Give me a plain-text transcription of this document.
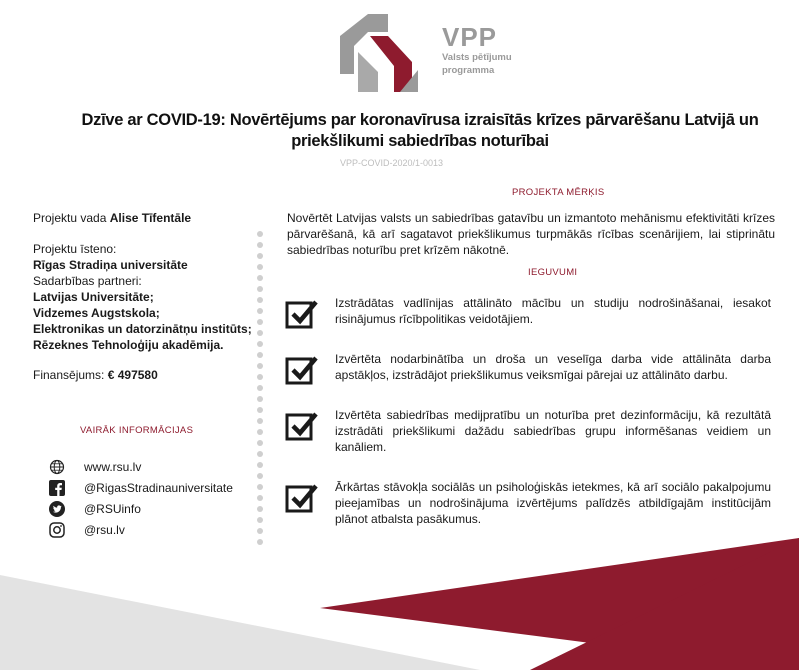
VPP
Valsts pētījumu
programma
Dzīve ar COVID-19: Novērtējums par koronavīrusa izraisītās krīzes pārvarēšanu Latvijā un
priekšlikumi sabiedrības noturībai
VPP-COVID-2020/1-0013
Projektu vada Alise Tīfentāle
Projektu īsteno:
Rīgas Stradiņa universitāte
Sadarbības partneri:
Latvijas Universitāte;
Vidzemes Augstskola;
Elektronikas un datorzinātņu institūts;
Rēzeknes Tehnoloģiju akadēmija.
Finansējums: € 497580
VAIRĀK INFORMĀCIJAS
www.rsu.lv
@RigasStradinauniversitate
@RSUinfo
@rsu.lv
PROJEKTA MĒRĶIS
Novērtēt Latvijas valsts un sabiedrības gatavību un izmantoto mehānismu efektivitāti krīzes pārvarēšanā, kā arī sagatavot priekšlikumus turpmākās rīcības scenārijiem, lai stiprinātu sabiedrības noturību pret krīzēm nākotnē.
IEGUVUMI
Izstrādātas vadlīnijas attālināto mācību un studiju nodrošināšanai, iesakot risinājumus rīcībpolitikas veidotājiem.
Izvērtēta nodarbinātība un droša un veselīga darba vide attālināta darba apstākļos, izstrādājot priekšlikumus veiksmīgai pārejai uz attālināto darbu.
Izvērtēta sabiedrības medijpratību un noturība pret dezinformāciju, kā rezultātā izstrādāti priekšlikumi dažādu sabiedrības grupu informēšanas veidiem un kanāliem.
Ārkārtas stāvokļa sociālās un psiholoģiskās ietekmes, kā arī sociālo pakalpojumu pieejamības un nodrošinājuma izvērtējums palīdzēs atbildīgajām institūcijām plānot atbalsta pasākumus.
